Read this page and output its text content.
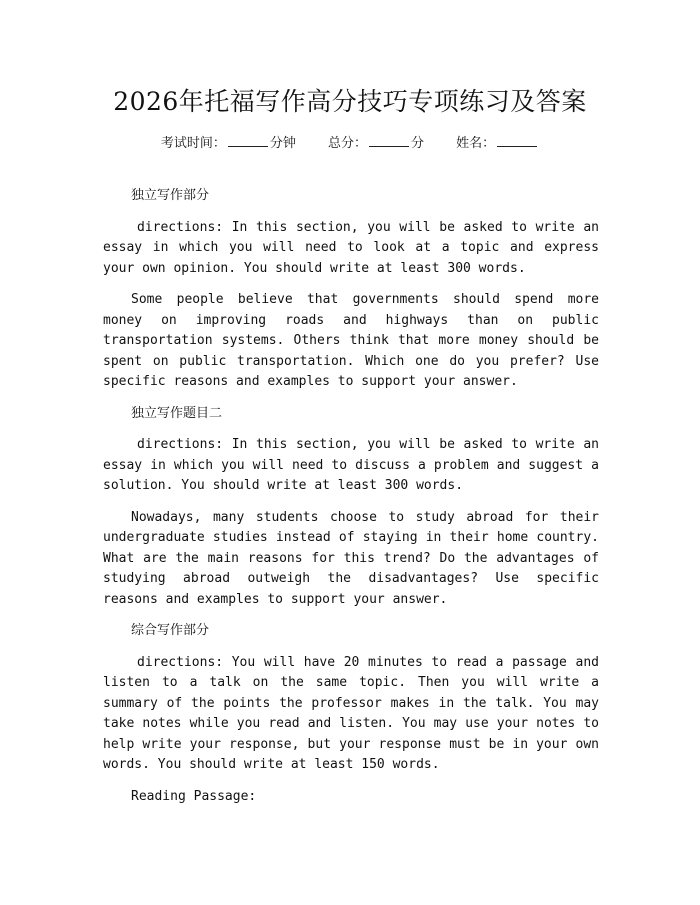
2026年托福写作高分技巧专项练习及答案
考试时间：	分钟 总分：	分 姓名：

独立写作部分

directions: In this section, you will be asked to write an essay in which you will need to look at a topic and express your own opinion. You should write at least 300 words.

Some people believe that governments should spend more money on improving roads and highways than on public transportation systems. Others think that more money should be spent on public transportation. Which one do you prefer? Use specific reasons and examples to support your answer.

独立写作题目二

directions: In this section, you will be asked to write an essay in which you will need to discuss a problem and suggest a solution. You should write at least 300 words.

Nowadays, many students choose to study abroad for their undergraduate studies instead of staying in their home country. What are the main reasons for this trend? Do the advantages of studying abroad outweigh the disadvantages? Use specific reasons and examples to support your answer.

综合写作部分

directions: You will have 20 minutes to read a passage and listen to a talk on the same topic. Then you will write a summary of the points the professor makes in the talk. You may take notes while you read and listen. You may use your notes to help write your response, but your response must be in your own words. You should write at least 150 words.

Reading Passage:
